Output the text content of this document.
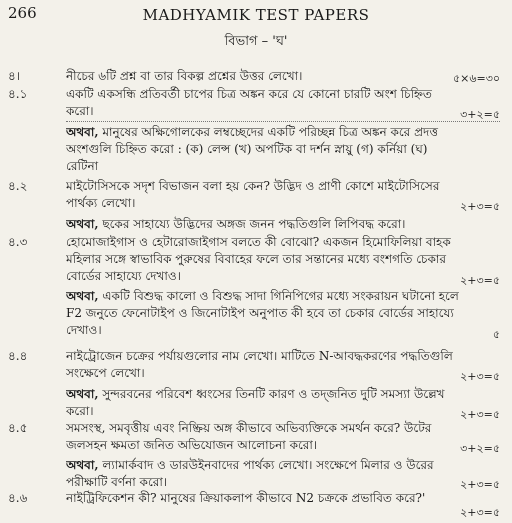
266	MADHYAMIK TEST PAPERS
বিভাগ – 'ঘ'
৪।	নীচের ৬টি প্রশ্ন বা তার বিকল্প প্রশ্নের উত্তর লেখো।	৫×৬=৩০
৪.১	একটি একসন্ধি প্রতিবর্তী চাপের চিত্র অঙ্কন করে যে কোনো চারটি অংশ চিহ্নিত
করো।	৩+২=৫
অথবা, মানুষের অক্ষিগোলকের লম্বচ্ছেদের একটি পরিচ্ছন্ন চিত্র অঙ্কন করে প্রদত্ত
অংশগুলি চিহ্নিত করো : (ক) লেন্স (খ) অপটিক বা দর্শন স্নায়ু (গ) কর্নিয়া (ঘ)
রেটিনা
৪.২	মাইটোসিসকে সদৃশ বিভাজন বলা হয় কেন? উদ্ভিদ ও প্রাণী কোশে মাইটোসিসের
পার্থক্য লেখো।	২+৩=৫
অথবা, ছকের সাহায্যে উদ্ভিদের অঙ্গজ জনন পদ্ধতিগুলি লিপিবদ্ধ করো।
৪.৩	হোমোজাইগাস ও হেটারোজাইগাস বলতে কী বোঝো? একজন হিমোফিলিয়া বাহক
মহিলার সঙ্গে স্বাভাবিক পুরুষের বিবাহের ফলে তার সন্তানের মধ্যে বংশগতি চেকার
বোর্ডের সাহায্যে দেখাও।	২+৩=৫
অথবা, একটি বিশুদ্ধ কালো ও বিশুদ্ধ সাদা গিনিপিগের মধ্যে সংকরায়ন ঘটানো হলে
F2 জনুতে ফেনোটাইপ ও জিনোটাইপ অনুপাত কী হবে তা চেকার বোর্ডের সাহায্যে
দেখাও।	৫
৪.৪	নাইট্রোজেন চক্রের পর্যায়গুলোর নাম লেখো। মাটিতে N-আবদ্ধকরণের পদ্ধতিগুলি
সংক্ষেপে লেখো।	২+৩=৫
অথবা, সুন্দরবনের পরিবেশ ধ্বংসের তিনটি কারণ ও তদ্জনিত দুটি সমস্যা উল্লেখ
করো।	২+৩=৫
৪.৫	সমসংস্থ, সমবৃত্তীয় এবং নিষ্ক্রিয় অঙ্গ কীভাবে অভিব্যক্তিকে সমর্থন করে? উটের
জলসহন ক্ষমতা জনিত অভিযোজন আলোচনা করো।	৩+২=৫
অথবা, ল্যামার্কবাদ ও ডারউইনবাদের পার্থক্য লেখো। সংক্ষেপে মিলার ও উরের
পরীক্ষাটি বর্ণনা করো।	২+৩=৫
৪.৬	নাইট্রিফিকেশন কী? মানুষের ক্রিয়াকলাপ কীভাবে N2 চক্রকে প্রভাবিত করে?'
২+৩=৫
